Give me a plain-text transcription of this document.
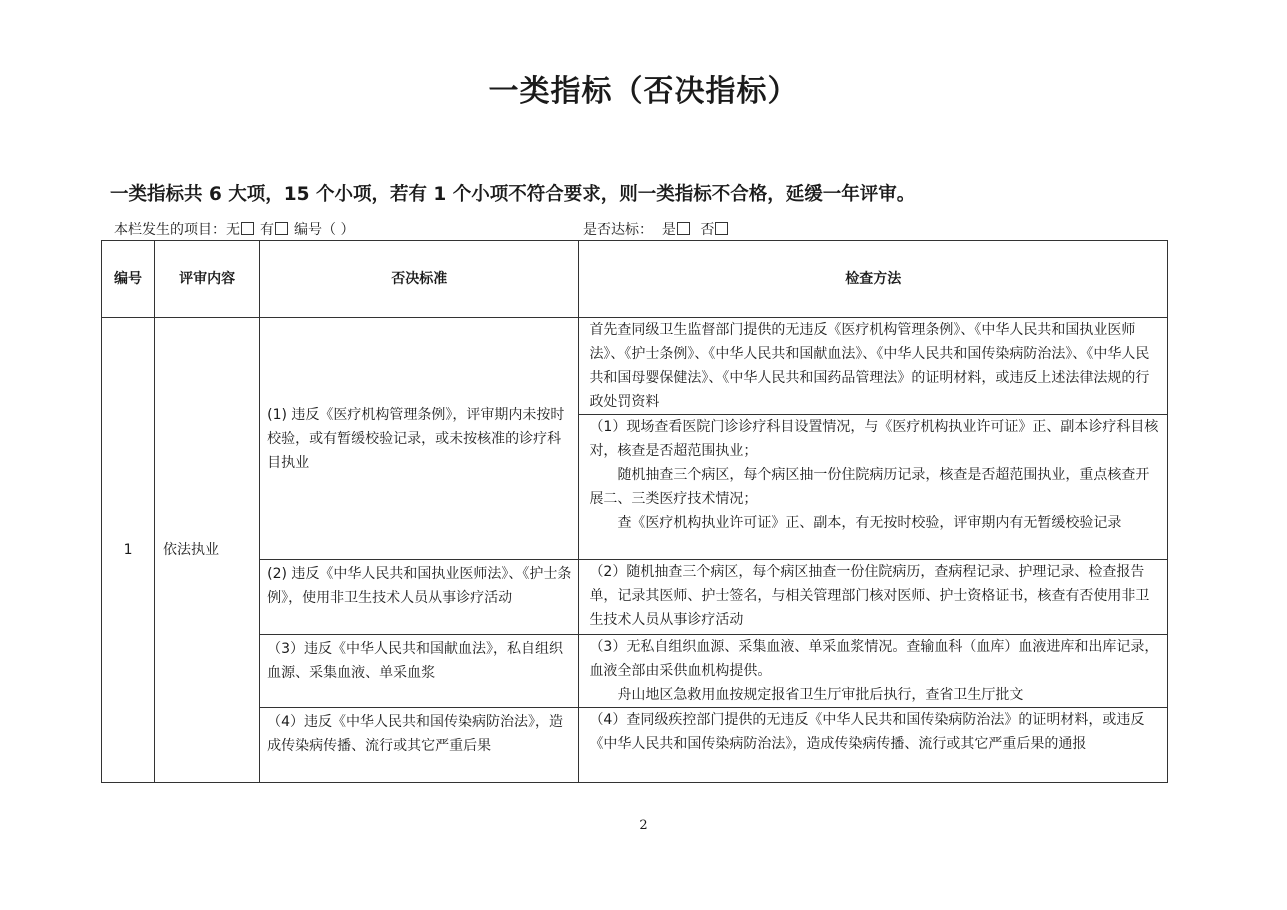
一类指标（否决指标）
一类指标共 6 大项，15 个小项，若有 1 个小项不符合要求，则一类指标不合格，延缓一年评审。
本栏发生的项目：无 有 编号（ ）	是否达标： 是 否
编号	评审内容	否决标准	检查方法
1	依法执业	(1) 违反《医疗机构管理条例》，评审期内未按时校验，或有暂缓校验记录，或未按核准的诊疗科目执业	首先查同级卫生监督部门提供的无违反《医疗机构管理条例》、《中华人民共和国执业医师法》、《护士条例》、《中华人民共和国献血法》、《中华人民共和国传染病防治法》、《中华人民共和国母婴保健法》、《中华人民共和国药品管理法》的证明材料，或违反上述法律法规的行政处罚资料
			（1）现场查看医院门诊诊疗科目设置情况，与《医疗机构执业许可证》正、副本诊疗科目核对，核查是否超范围执业；
随机抽查三个病区，每个病区抽一份住院病历记录，核查是否超范围执业，重点核查开展二、三类医疗技术情况；
查《医疗机构执业许可证》正、副本，有无按时校验，评审期内有无暂缓校验记录

		(2) 违反《中华人民共和国执业医师法》、《护士条例》，使用非卫生技术人员从事诊疗活动	（2）随机抽查三个病区，每个病区抽查一份住院病历，查病程记录、护理记录、检查报告单，记录其医师、护士签名，与相关管理部门核对医师、护士资格证书，核查有否使用非卫生技术人员从事诊疗活动
		（3）违反《中华人民共和国献血法》，私自组织血源、采集血液、单采血浆	（3）无私自组织血源、采集血液、单采血浆情况。查输血科（血库）血液进库和出库记录，血液全部由采供血机构提供。
舟山地区急救用血按规定报省卫生厅审批后执行，查省卫生厅批文

		（4）违反《中华人民共和国传染病防治法》，造成传染病传播、流行或其它严重后果	（4）查同级疾控部门提供的无违反《中华人民共和国传染病防治法》的证明材料，或违反《中华人民共和国传染病防治法》，造成传染病传播、流行或其它严重后果的通报
2
